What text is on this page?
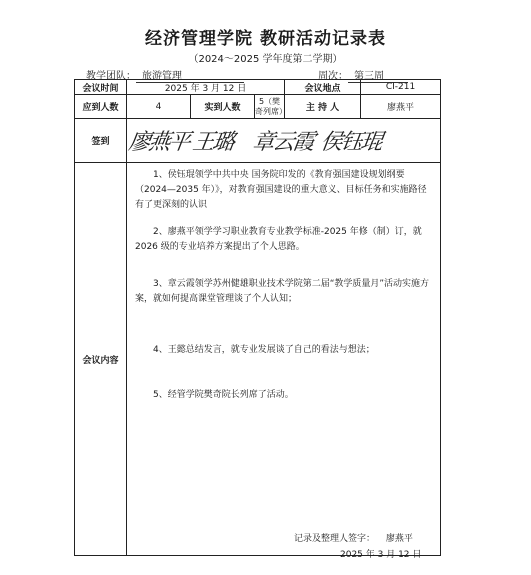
经济管理学院 教研活动记录表
（2024～2025 学年度第二学期）
教学团队： 旅游管理	周次： 第三周
会议时间	2025 年 3 月 12 日			会议地点	CI-211
应到人数	4	实到人数	5（樊奇列席）	主 持 人	廖燕平
签到	廖燕平 王璐 章云霞 侯钰琨				

会议内容	1、侯钰琨领学中共中央 国务院印发的《教育强国建设规划纲要（2024—2035 年）》，对教育强国建设的重大意义、目标任务和实施路径有了更深刻的认识

2、廖燕平领学学习职业教育专业教学标准-2025 年修（制）订，就 2026 级的专业培养方案提出了个人思路。

3、章云霞领学苏州健雄职业技术学院第二届“教学质量月”活动实施方案，就如何提高课堂管理谈了个人认知；

4、王懿总结发言，就专业发展谈了自己的看法与想法；

5、经管学院樊奇院长列席了活动。				

记录及整理人签字： 廖燕平
2025 年 3 月 12 日
